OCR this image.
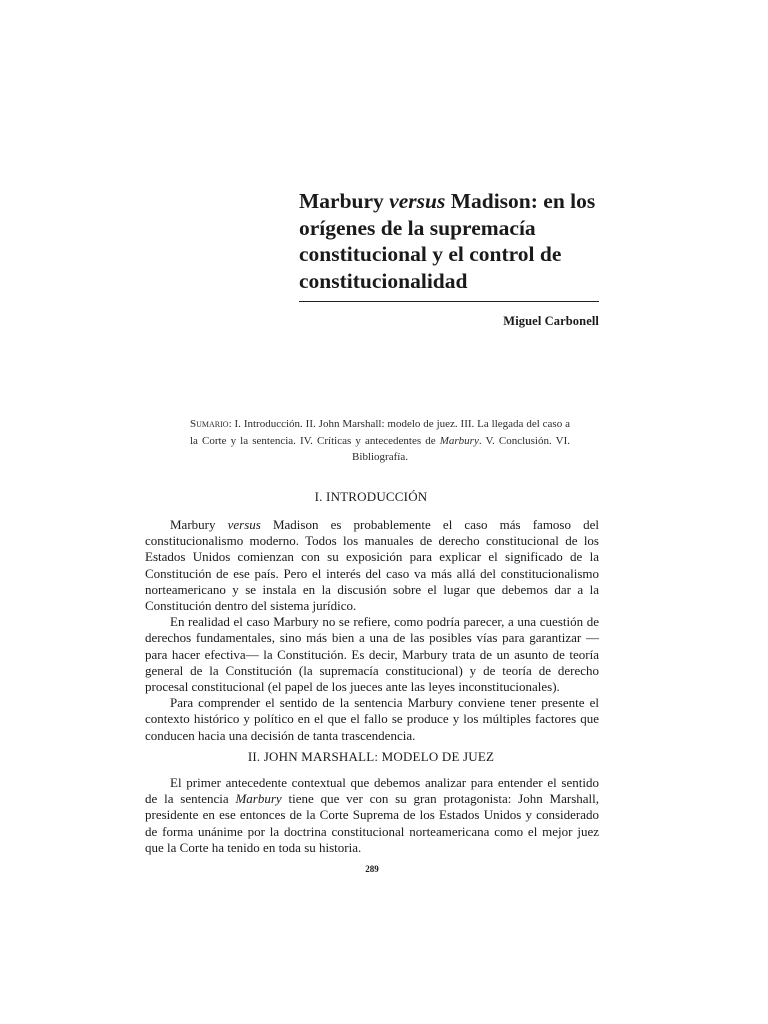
Marbury versus Madison: en los orígenes de la supremacía constitucional y el control de constitucionalidad
Miguel Carbonell
Sumario: I. Introducción. II. John Marshall: modelo de juez. III. La llegada del caso a la Corte y la sentencia. IV. Críticas y antecedentes de Marbury. V. Conclusión. VI. Bibliografía.
I. INTRODUCCIÓN

Marbury versus Madison es probablemente el caso más famoso del constitucionalismo moderno. Todos los manuales de derecho constitucional de los Estados Unidos comienzan con su exposición para explicar el significado de la Constitución de ese país. Pero el interés del caso va más allá del constitucionalismo norteamericano y se instala en la discusión sobre el lugar que debemos dar a la Constitución dentro del sistema jurídico.

En realidad el caso Marbury no se refiere, como podría parecer, a una cuestión de derechos fundamentales, sino más bien a una de las posibles vías para garantizar —para hacer efectiva— la Constitución. Es decir, Marbury trata de un asunto de teoría general de la Constitución (la supremacía constitucional) y de teoría de derecho procesal constitucional (el papel de los jueces ante las leyes inconstitucionales).

Para comprender el sentido de la sentencia Marbury conviene tener presente el contexto histórico y político en el que el fallo se produce y los múltiples factores que conducen hacia una decisión de tanta trascendencia.

II. JOHN MARSHALL: MODELO DE JUEZ

El primer antecedente contextual que debemos analizar para entender el sentido de la sentencia Marbury tiene que ver con su gran protagonista: John Marshall, presidente en ese entonces de la Corte Suprema de los Estados Unidos y considerado de forma unánime por la doctrina constitucional norteamericana como el mejor juez que la Corte ha tenido en toda su historia.

289
